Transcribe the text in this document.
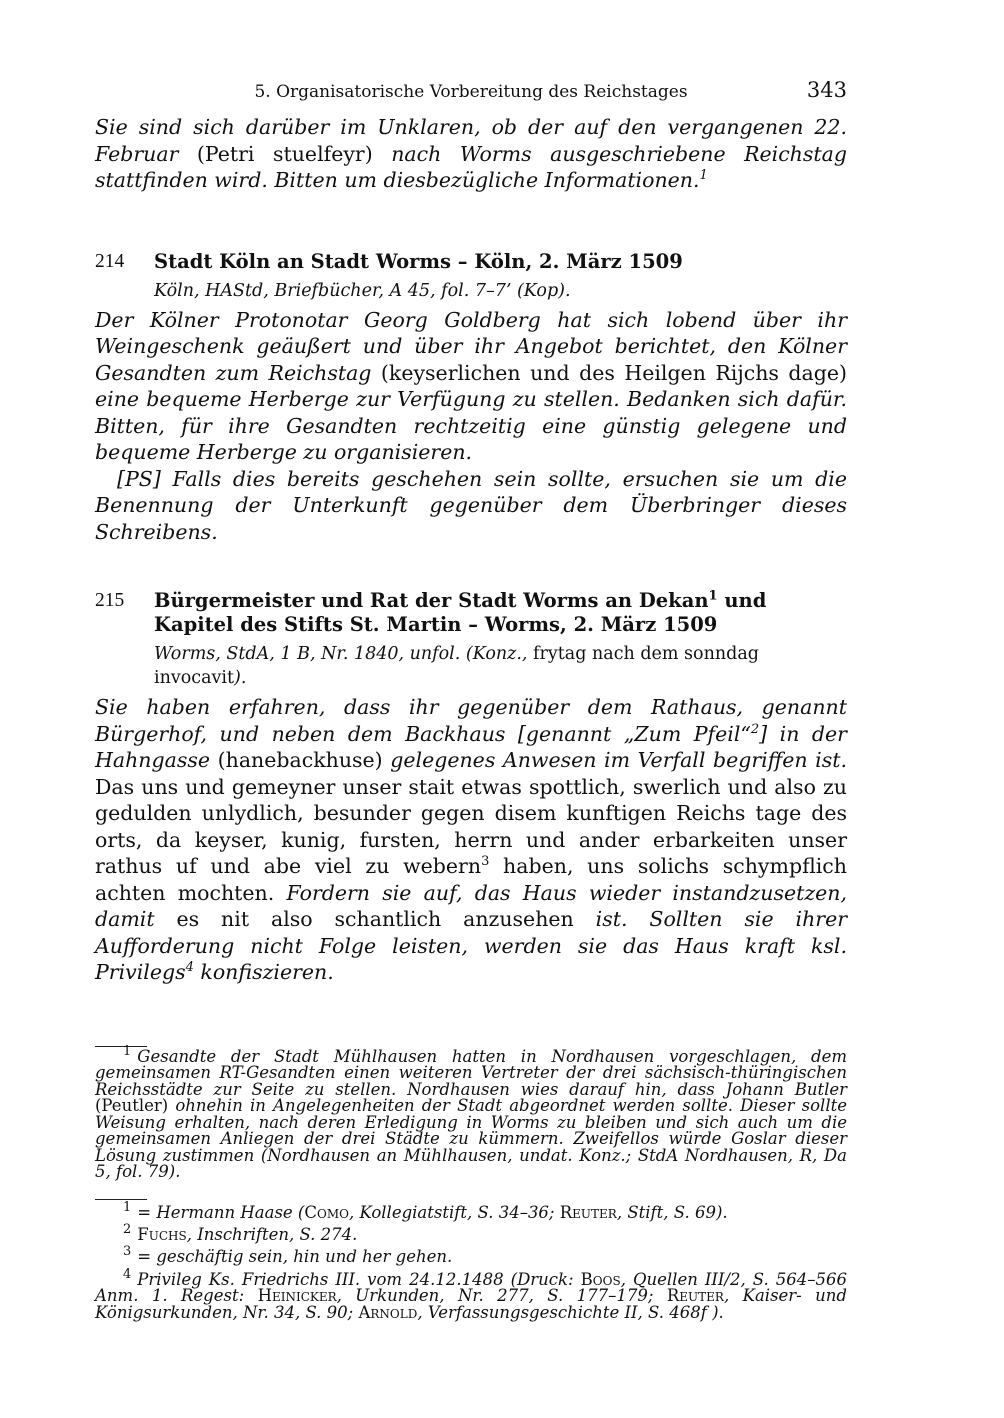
5. Organisatorische Vorbereitung des Reichstages	343

Sie sind sich darüber im Unklaren, ob der auf den vergangenen 22. Februar (Petri stuelfeyr) nach Worms ausgeschriebene Reichstag stattfinden wird. Bitten um diesbezügliche Informationen.$^1$

214	Stadt Köln an Stadt Worms – Köln, 2. März 1509
Köln, HAStd, Briefbücher, A 45, fol. 7–7’ (Kop).

Der Kölner Protonotar Georg Goldberg hat sich lobend über ihr Weingeschenk geäußert und über ihr Angebot berichtet, den Kölner Gesandten zum Reichstag (keyserlichen und des Heilgen Rijchs dage) eine bequeme Herberge zur Verfügung zu stellen. Bedanken sich dafür. Bitten, für ihre Gesandten rechtzeitig eine günstig gelegene und bequeme Herberge zu organisieren.

[PS] Falls dies bereits geschehen sein sollte, ersuchen sie um die Benennung der Unterkunft gegenüber dem Überbringer dieses Schreibens.

215	Bürgermeister und Rat der Stadt Worms an Dekan$^1$ und Kapitel des Stifts St. Martin – Worms, 2. März 1509
Worms, StdA, 1 B, Nr. 1840, unfol. (Konz., frytag nach dem sonndag invocavit).

Sie haben erfahren, dass ihr gegenüber dem Rathaus, genannt Bürgerhof, und neben dem Backhaus [genannt „Zum Pfeil“$^2$] in der Hahngasse (hanebackhuse) gelegenes Anwesen im Verfall begriffen ist. Das uns und gemeyner unser stait etwas spottlich, swerlich und also zu gedulden unlydlich, besunder gegen disem kunftigen Reichs tage des orts, da keyser, kunig, fursten, herrn und ander erbarkeiten unser rathus uf und abe viel zu webern$^3$ haben, uns solichs schympflich achten mochten. Fordern sie auf, das Haus wieder instandzusetzen, damit es nit also schantlich anzusehen ist. Sollten sie ihrer Aufforderung nicht Folge leisten, werden sie das Haus kraft ksl. Privilegs$^4$ konfiszieren.

$^1$ Gesandte der Stadt Mühlhausen hatten in Nordhausen vorgeschlagen, dem gemeinsamen RT-Gesandten einen weiteren Vertreter der drei sächsisch-thüringischen Reichsstädte zur Seite zu stellen. Nordhausen wies darauf hin, dass Johann Butler (Peutler) ohnehin in Angelegenheiten der Stadt abgeordnet werden sollte. Dieser sollte Weisung erhalten, nach deren Erledigung in Worms zu bleiben und sich auch um die gemeinsamen Anliegen der drei Städte zu kümmern. Zweifellos würde Goslar dieser Lösung zustimmen (Nordhausen an Mühlhausen, undat. Konz.; StdA Nordhausen, R, Da 5, fol. 79).

$^1$ = Hermann Haase (Como, Kollegiatstift, S. 34–36; Reuter, Stift, S. 69).

$^2$ Fuchs, Inschriften, S. 274.

$^3$ = geschäftig sein, hin und her gehen.

$^4$ Privileg Ks. Friedrichs III. vom 24.12.1488 (Druck: Boos, Quellen III/2, S. 564–566 Anm. 1. Regest: Heinicker, Urkunden, Nr. 277, S. 177–179; Reuter, Kaiser- und Königsurkunden, Nr. 34, S. 90; Arnold, Verfassungsgeschichte II, S. 468f ).
